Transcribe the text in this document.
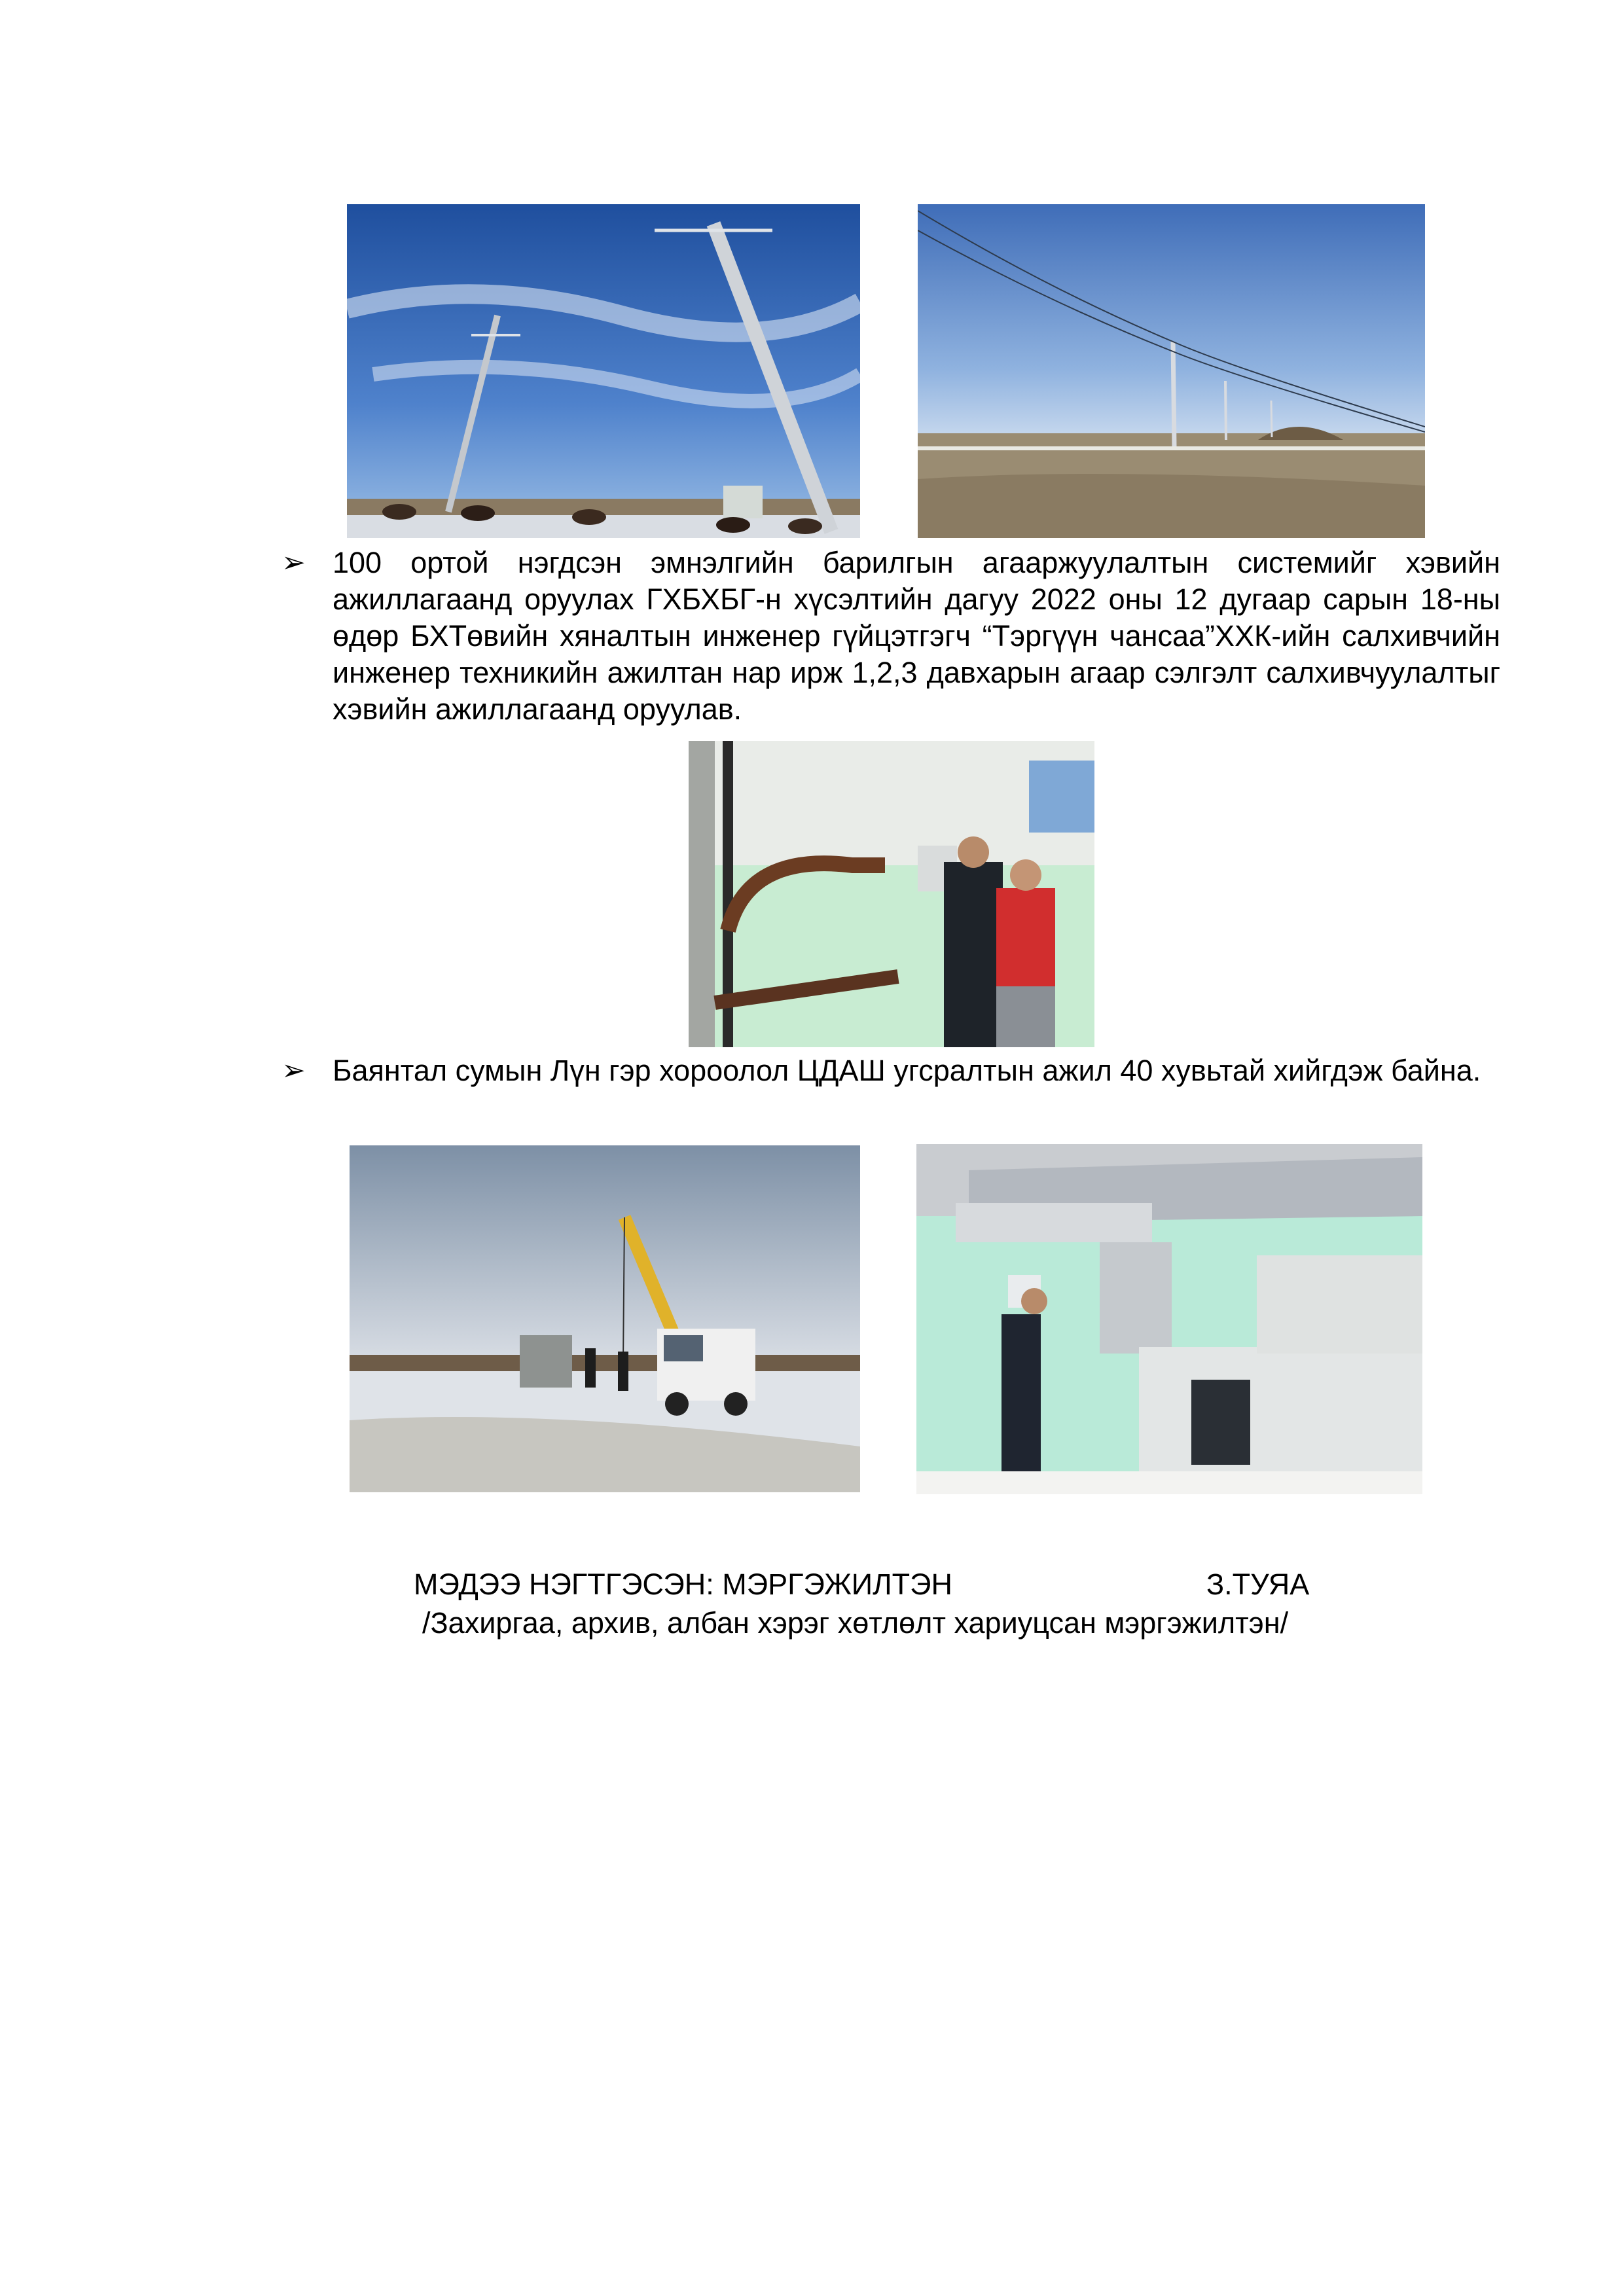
➢ 100 ортой нэгдсэн эмнэлгийн барилгын агааржуулалтын системийг хэвийн ажиллагаанд оруулах ГХБХБГ-н хүсэлтийн дагуу 2022 оны 12 дугаар сарын 18-ны өдөр БХТөвийн хяналтын инженер гүйцэтгэгч “Тэргүүн чансаа”ХХК-ийн салхивчийн инженер техникийн ажилтан нар ирж 1,2,3 давхарын агаар сэлгэлт салхивчуулалтыг хэвийн ажиллагаанд оруулав.
➢ Баянтал сумын Лүн гэр хороолол ЦДАШ угсралтын ажил 40 хувьтай хийгдэж байна.
МЭДЭЭ НЭГТГЭСЭН: МЭРГЭЖИЛТЭН	З.ТУЯА
/Захиргаа, архив, албан хэрэг хөтлөлт хариуцсан мэргэжилтэн/
